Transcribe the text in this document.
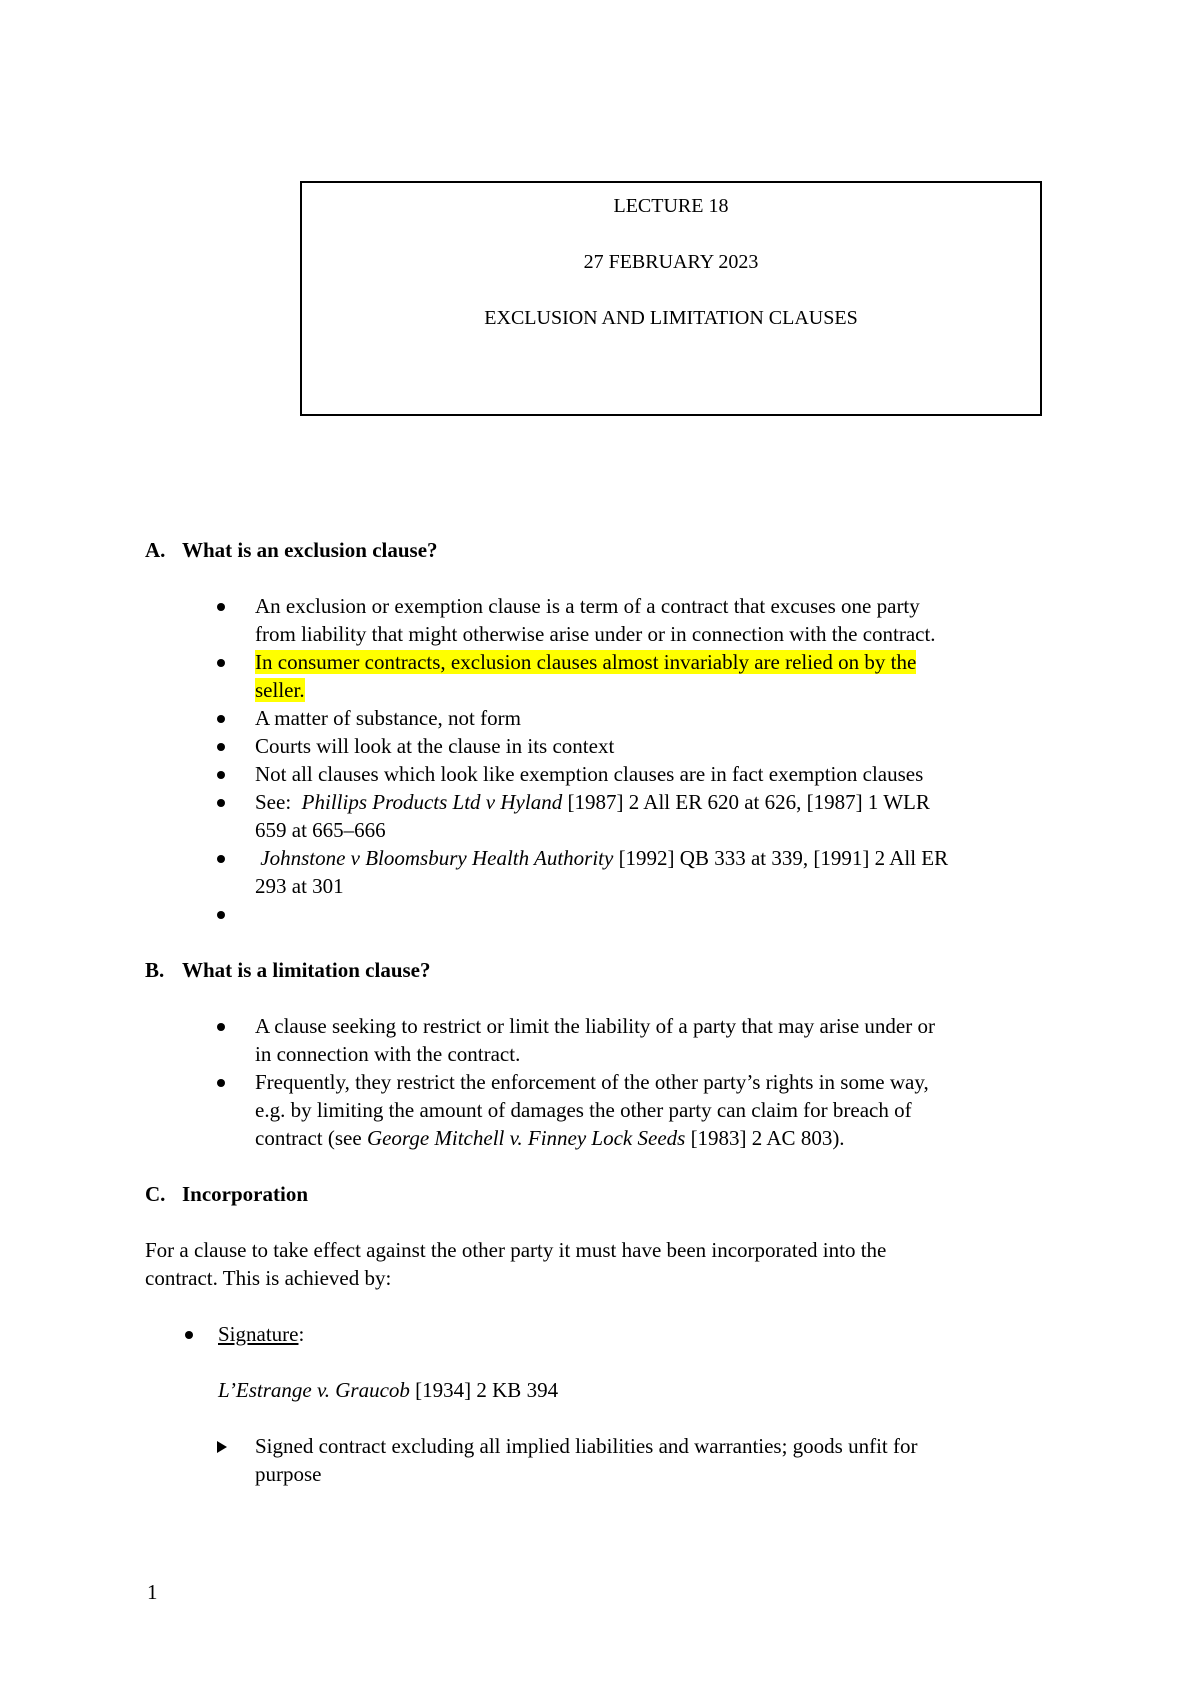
LECTURE 18
27 FEBRUARY 2023
EXCLUSION AND LIMITATION CLAUSES
A. What is an exclusion clause?
An exclusion or exemption clause is a term of a contract that excuses one party
from liability that might otherwise arise under or in connection with the contract.
In consumer contracts, exclusion clauses almost invariably are relied on by the
seller.
A matter of substance, not form
Courts will look at the clause in its context
Not all clauses which look like exemption clauses are in fact exemption clauses
See:  Phillips Products Ltd v Hyland [1987] 2 All ER 620 at 626, [1987] 1 WLR
659 at 665–666
Johnstone v Bloomsbury Health Authority [1992] QB 333 at 339, [1991] 2 All ER
293 at 301

B. What is a limitation clause?
A clause seeking to restrict or limit the liability of a party that may arise under or
in connection with the contract.
Frequently, they restrict the enforcement of the other party’s rights in some way,
e.g. by limiting the amount of damages the other party can claim for breach of
contract (see George Mitchell v. Finney Lock Seeds [1983] 2 AC 803).
C. Incorporation
For a clause to take effect against the other party it must have been incorporated into the
contract. This is achieved by:
Signature:
L’Estrange v. Graucob [1934] 2 KB 394
Signed contract excluding all implied liabilities and warranties; goods unfit for
purpose
1
